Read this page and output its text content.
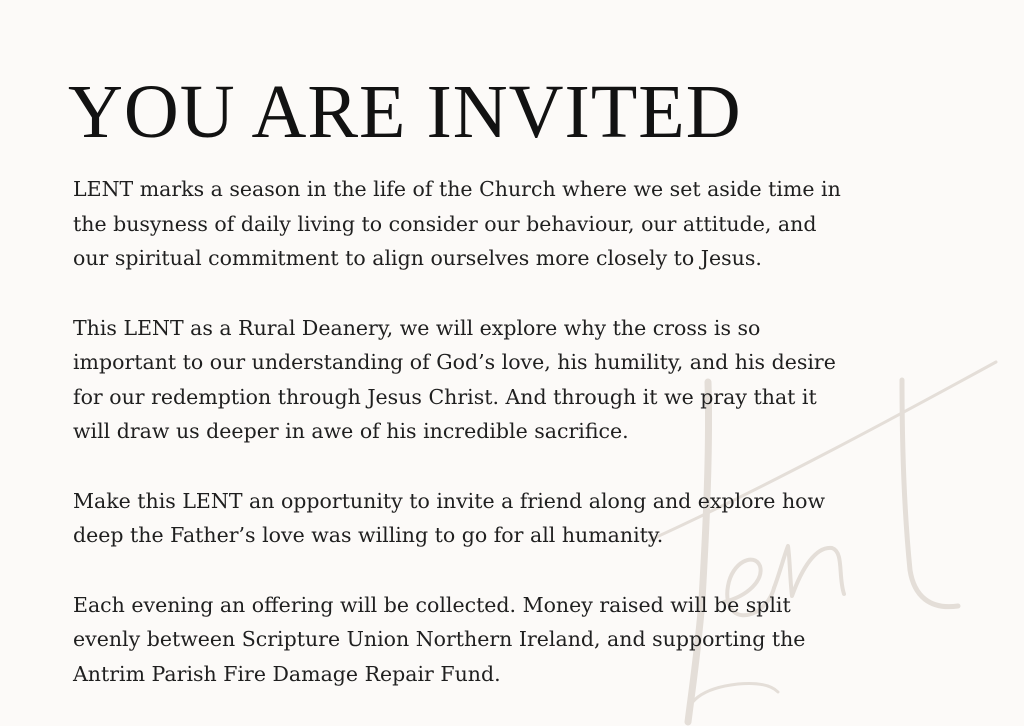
YOU ARE INVITED

LENT marks a season in the life of the Church where we set aside time in
the busyness of daily living to consider our behaviour, our attitude, and
our spiritual commitment to align ourselves more closely to Jesus.

This LENT as a Rural Deanery, we will explore why the cross is so
important to our understanding of God’s love, his humility, and his desire
for our redemption through Jesus Christ. And through it we pray that it
will draw us deeper in awe of his incredible sacrifice.

Make this LENT an opportunity to invite a friend along and explore how
deep the Father’s love was willing to go for all humanity.

Each evening an offering will be collected. Money raised will be split
evenly between Scripture Union Northern Ireland, and supporting the
Antrim Parish Fire Damage Repair Fund.
